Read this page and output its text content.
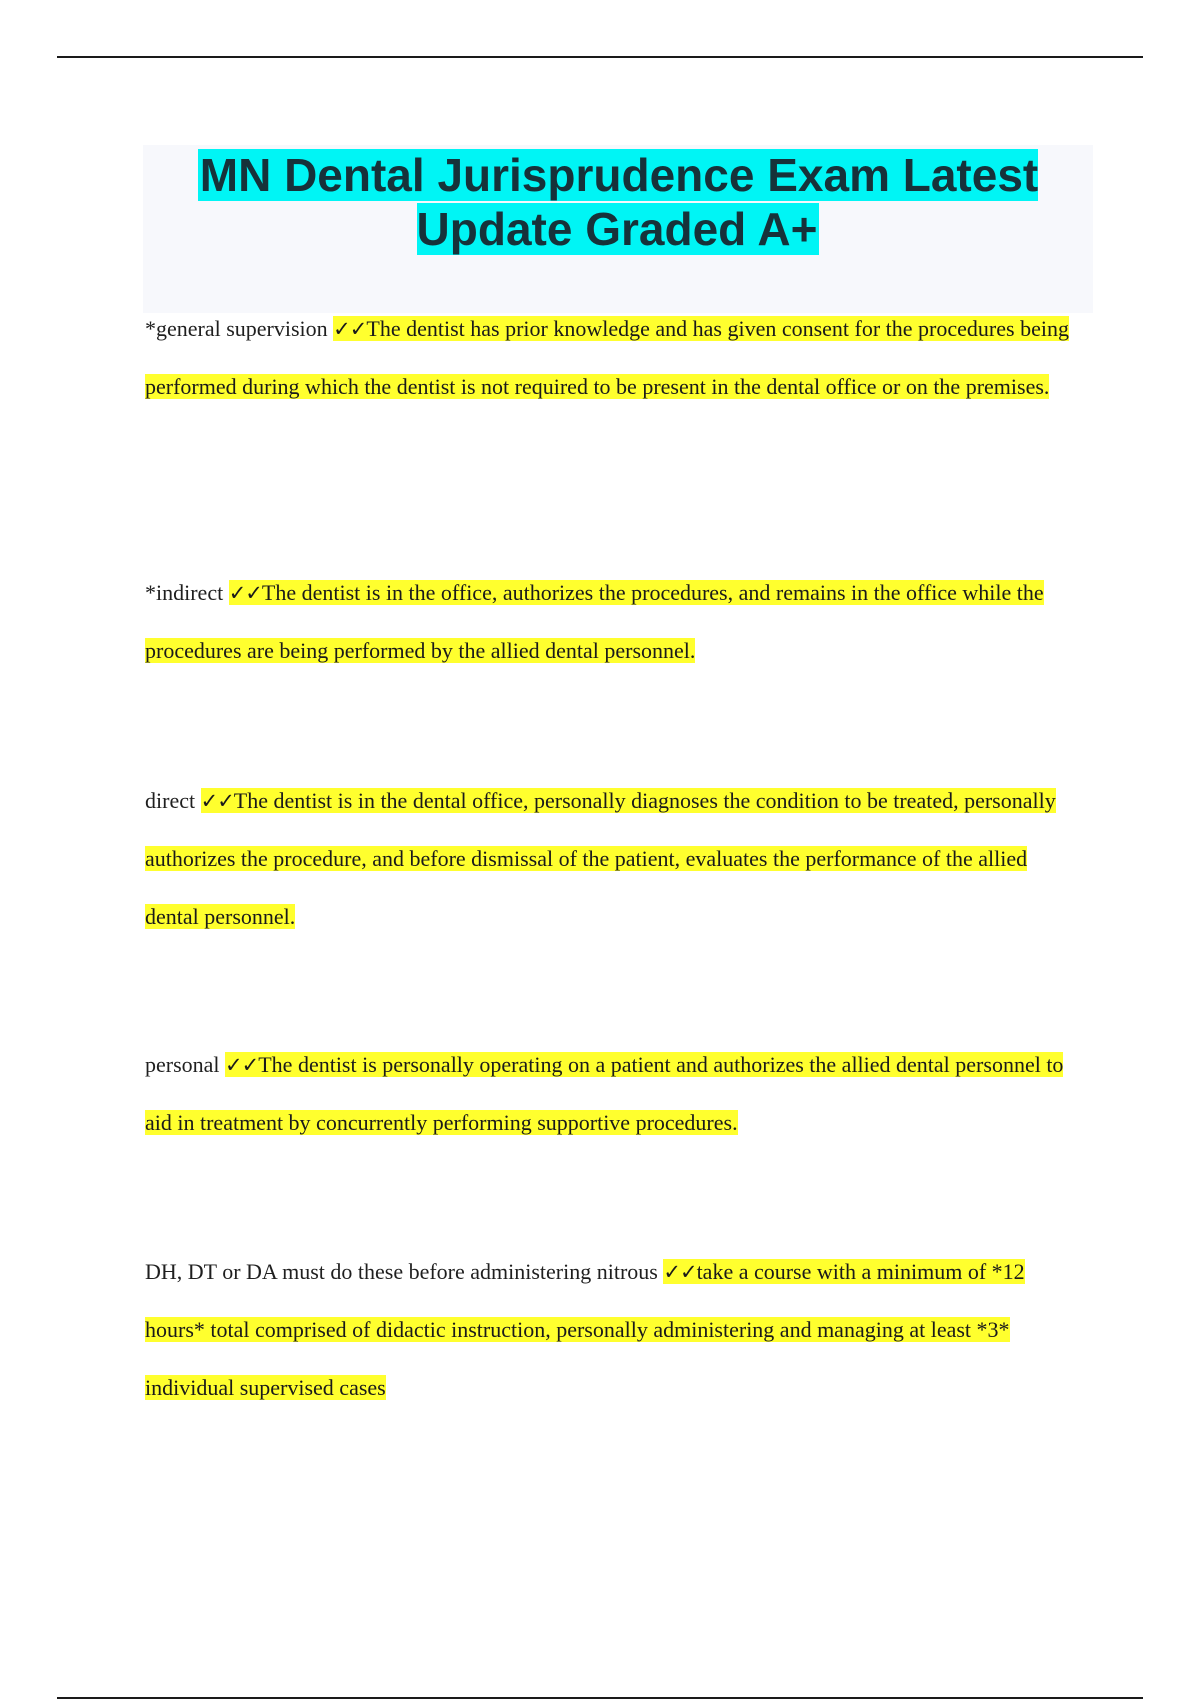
MN Dental Jurisprudence Exam Latest Update Graded A+

*general supervision ✓✓The dentist has prior knowledge and has given consent for the procedures being performed during which the dentist is not required to be present in the dental office or on the premises.

*indirect ✓✓The dentist is in the office, authorizes the procedures, and remains in the office while the procedures are being performed by the allied dental personnel.

direct ✓✓The dentist is in the dental office, personally diagnoses the condition to be treated, personally authorizes the procedure, and before dismissal of the patient, evaluates the performance of the allied dental personnel.

personal ✓✓The dentist is personally operating on a patient and authorizes the allied dental personnel to aid in treatment by concurrently performing supportive procedures.

DH, DT or DA must do these before administering nitrous ✓✓take a course with a minimum of *12 hours* total comprised of didactic instruction, personally administering and managing at least *3* individual supervised cases
